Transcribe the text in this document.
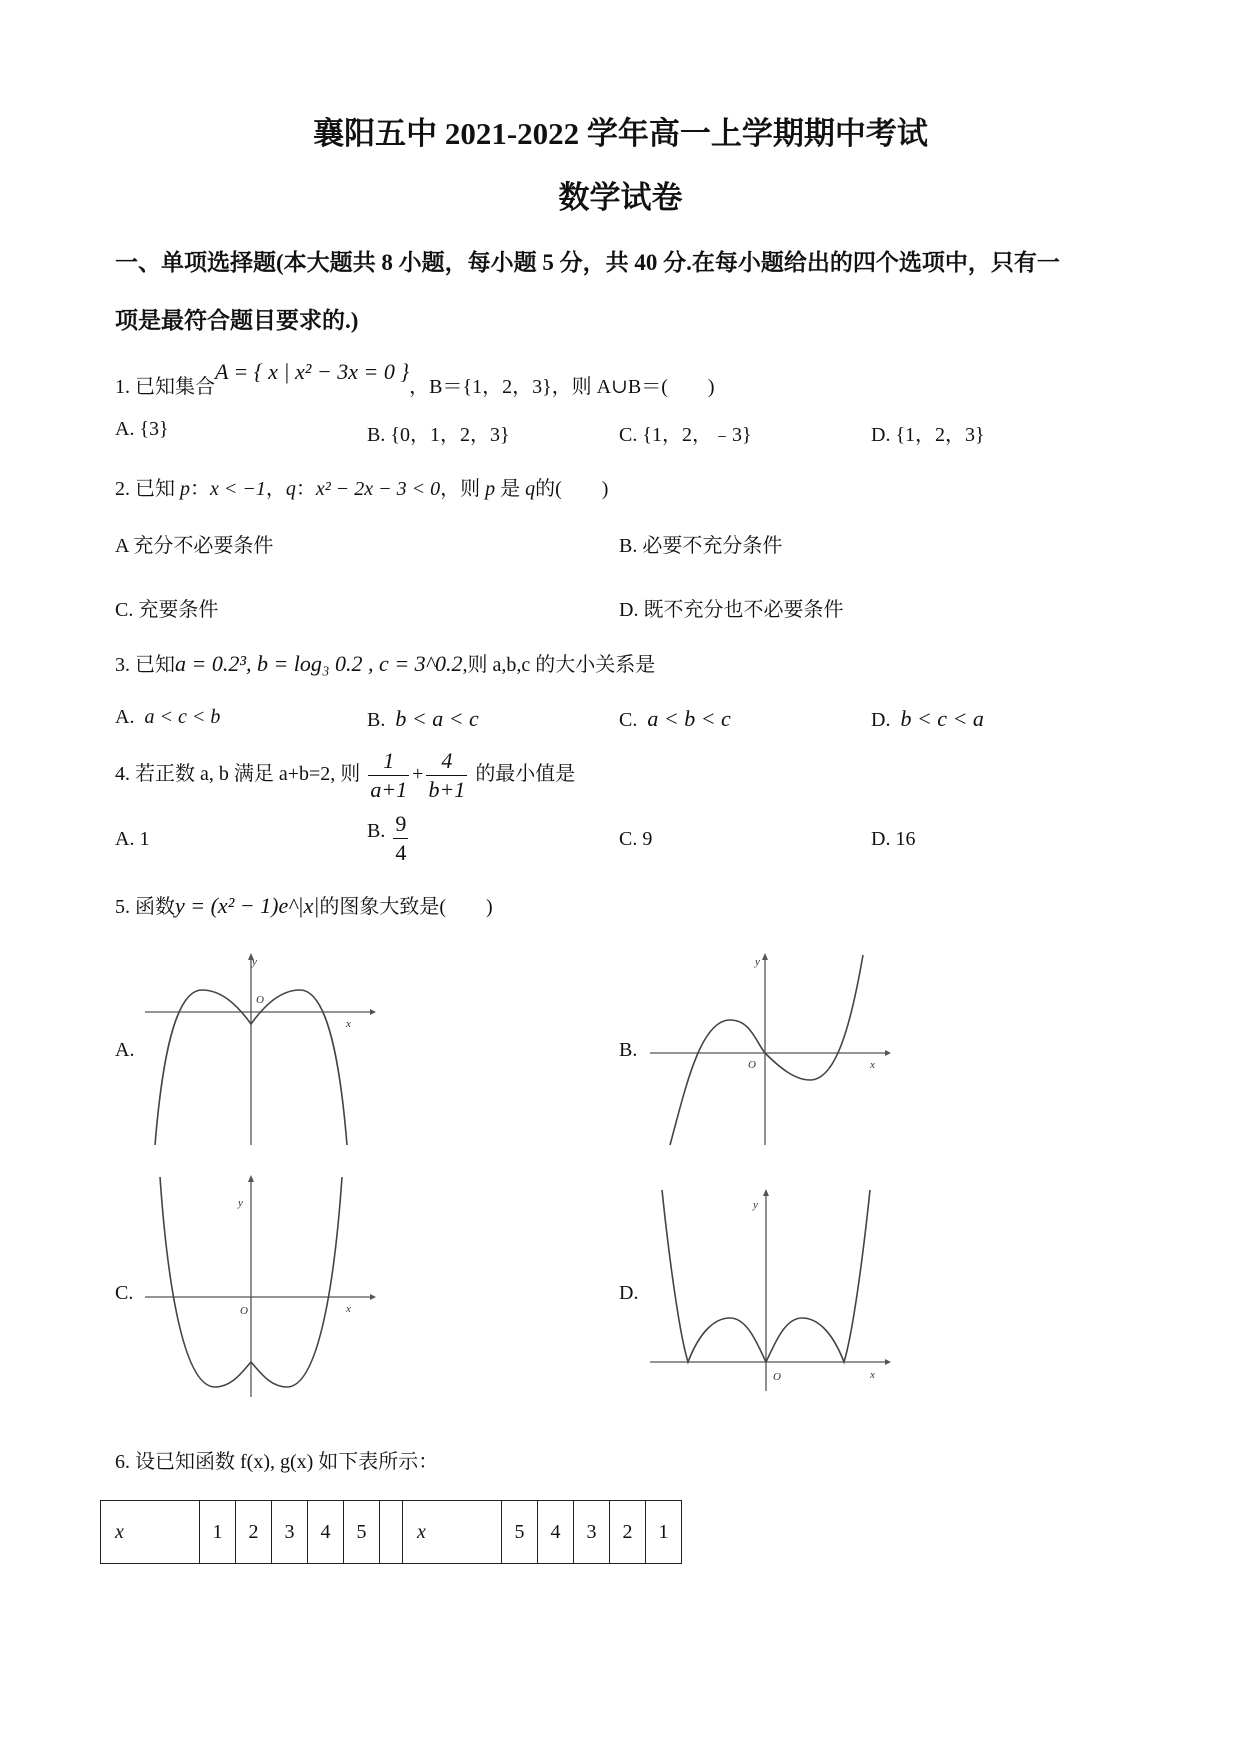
襄阳五中 2021-2022 学年高一上学期期中考试
数学试卷
一、单项选择题(本大题共 8 小题，每小题 5 分，共 40 分.在每小题给出的四个选项中，只有一
项是最符合题目要求的.)
1. 已知集合A = { x | x² − 3x = 0 }，B＝{1，2，3}，则 A∪B＝(　　)
A. {3}	B. {0，1，2，3}	C. {1，2，﹣3}	D. {1，2，3}
2. 已知 p：x < −1，q：x² − 2x − 3 < 0，则 p 是 q的(　　)
A 充分不必要条件	B. 必要不充分条件
C. 充要条件	D. 既不充分也不必要条件
3. 已知a = 0.2³, b = log₃ 0.2 , c = 3^0.2,则 a,b,c 的大小关系是
A. a < c < b	B. b < a < c	C. a < b < c	D. b < c < a
4. 若正数 a, b 满足 a+b=2, 则 $\frac{1}{a+1} + \frac{4}{b+1}$ 的最小值是
A. 1	B. $\frac{9}{4}$	C. 9	D. 16
5. 函数y = (x² − 1)e^|x|的图象大致是(　　)
A.
y
x
O
B.
y
x
O
C.
y
x
O
D.
y
x
O
6. 设已知函数 f(x), g(x) 如下表所示：
x	1	2	3	4	5		x	5	4	3	2	1
